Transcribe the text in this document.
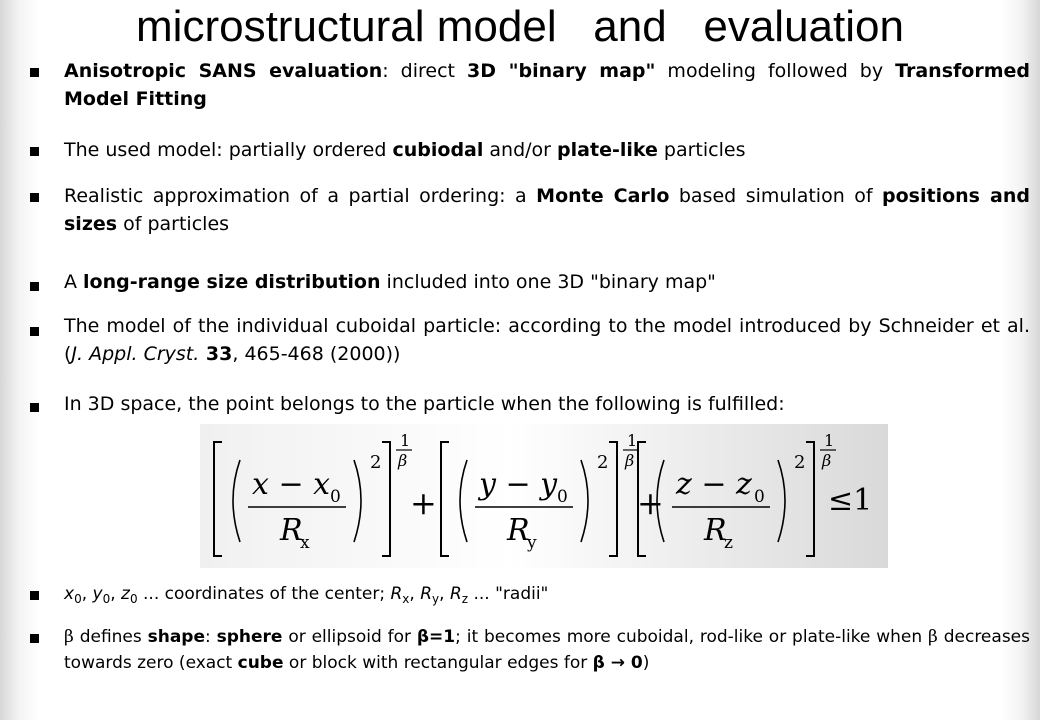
microstructural model   and   evaluation
Anisotropic SANS evaluation: direct 3D "binary map" modeling followed by Transformed Model Fitting
The used model: partially ordered cubiodal and/or plate-like particles
Realistic approximation of a partial ordering: a Monte Carlo based simulation of positions and sizes of particles
A long-range size distribution included into one 3D "binary map"
The model of the individual cuboidal particle: according to the model introduced by Schneider et al. (J. Appl. Cryst. 33, 465-468 (2000))
In 3D space, the point belongs to the particle when the following is fulfilled:
x − x 0
R
x
2
1
β
+ y − y 0
R
y
2
1
β
+ z − z 0
R
z
2
1
β
≤1
$x_0$, $y_0$, $z_0$ ... coordinates of the center; $R_x$, $R_y$, $R_z$ ... "radii"
β defines shape: sphere or ellipsoid for β=1; it becomes more cuboidal, rod-like or plate-like when β decreases towards zero (exact cube or block with rectangular edges for β → 0)
